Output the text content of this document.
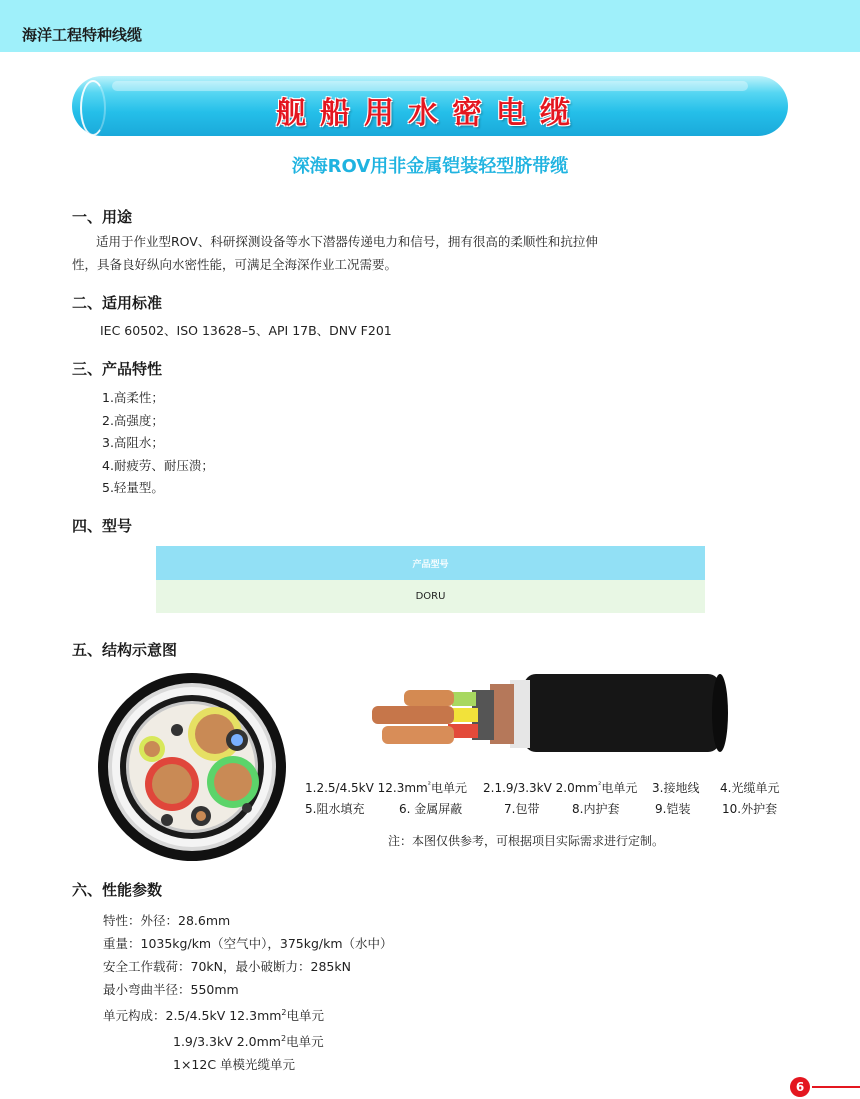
海洋工程特种线缆
舰船用水密电缆
深海ROV用非金属铠装轻型脐带缆
一、用途
适用于作业型ROV、科研探测设备等水下潜器传递电力和信号，拥有很高的柔顺性和抗拉伸
性，具备良好纵向水密性能，可满足全海深作业工况需要。
二、适用标准
IEC 60502、ISO 13628–5、API 17B、DNV F201
三、产品特性
1.高柔性；
2.高强度；
3.高阻水；
4.耐疲劳、耐压溃；
5.轻量型。
四、型号
产品型号
DORU
五、结构示意图
1.2.5/4.5kV $12.3mm^{^2}$电单元 2.1.9/3.3kV $2.0mm^{^2}$电单元 3.接地线 4.光缆单元
5.阻水填充	6. 金属屏蔽	7.包带	8.内护套	9.铠装	10.外护套
注：本图仅供参考，可根据项目实际需求进行定制。
六、性能参数
特性：外径：28.6mm
重量：1035kg/km（空气中），375kg/km（水中）
安全工作载荷：70kN，最小破断力：285kN
最小弯曲半径：550mm
单元构成：2.5/4.5kV $12.3mm^2$电单元
1.9/3.3kV $2.0mm^2$电单元
1×12C 单模光缆单元
6
